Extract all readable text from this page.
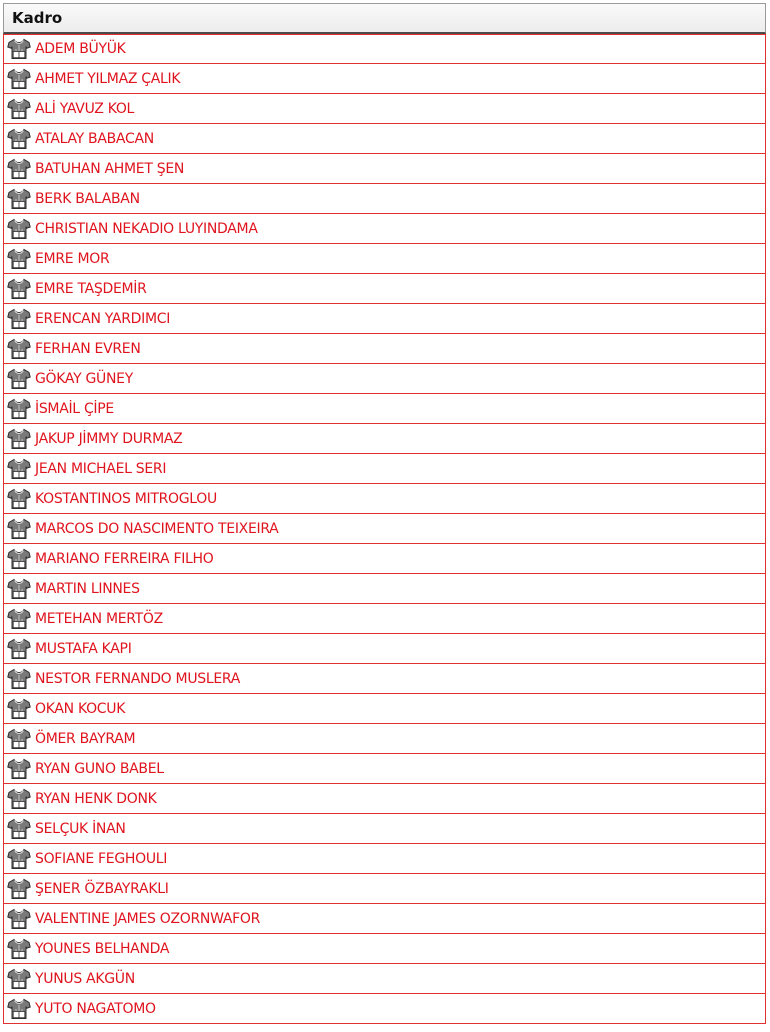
Kadro
ADEM BÜYÜK
AHMET YILMAZ ÇALIK
ALİ YAVUZ KOL
ATALAY BABACAN
BATUHAN AHMET ŞEN
BERK BALABAN
CHRISTIAN NEKADIO LUYINDAMA
EMRE MOR
EMRE TAŞDEMİR
ERENCAN YARDIMCI
FERHAN EVREN
GÖKAY GÜNEY
İSMAİL ÇİPE
JAKUP JİMMY DURMAZ
JEAN MICHAEL SERI
KOSTANTINOS MITROGLOU
MARCOS DO NASCIMENTO TEIXEIRA
MARIANO FERREIRA FILHO
MARTIN LINNES
METEHAN MERTÖZ
MUSTAFA KAPI
NESTOR FERNANDO MUSLERA
OKAN KOCUK
ÖMER BAYRAM
RYAN GUNO BABEL
RYAN HENK DONK
SELÇUK İNAN
SOFIANE FEGHOULI
ŞENER ÖZBAYRAKLI
VALENTINE JAMES OZORNWAFOR
YOUNES BELHANDA
YUNUS AKGÜN
YUTO NAGATOMO
